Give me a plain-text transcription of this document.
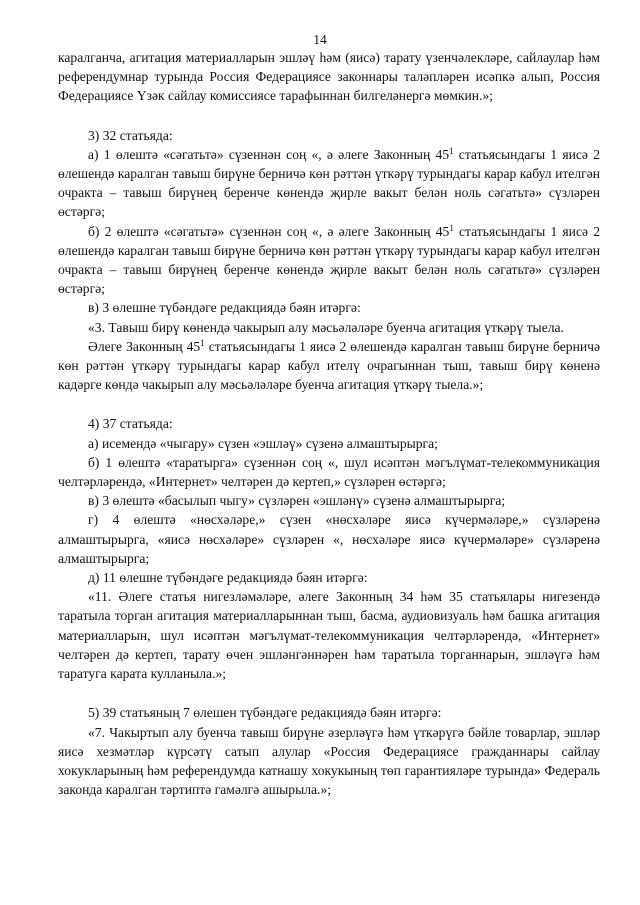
14

каралганча, агитация материалларын эшләү һәм (яисә) тарату үзенчәлекләре, сайлаулар һәм референдумнар турында Россия Федерациясе законнары таләпләрен исәпкә алып, Россия Федерациясе Үзәк сайлау комиссиясе тарафыннан билгеләнергә мөмкин.»;

3) 32 статьяда:

а) 1 өлештә «сәгатьтә» сүзеннән соң «, ә әлеге Законның $45^1$ статьясындагы 1 яисә 2 өлешендә каралган тавыш бирүне берничә көн рәттән үткәрү турындагы карар кабул ителгән очракта – тавыш бирүнең беренче көнендә җирле вакыт белән ноль сәгатьтә» сүзләрен өстәргә;

б) 2 өлештә «сәгатьтә» сүзеннән соң «, ә әлеге Законның $45^1$ статьясындагы 1 яисә 2 өлешендә каралган тавыш бирүне берничә көн рәттән үткәрү турындагы карар кабул ителгән очракта – тавыш бирүнең беренче көнендә җирле вакыт белән ноль сәгатьтә» сүзләрен өстәргә;

в) 3 өлешне түбәндәге редакциядә бәян итәргә:

«3. Тавыш бирү көнендә чакырып алу мәсьәләләре буенча агитация үткәрү тыела.

Әлеге Законның $45^1$ статьясындагы 1 яисә 2 өлешендә каралган тавыш бирүне берничә көн рәттән үткәрү турындагы карар кабул ителү очрагыннан тыш, тавыш бирү көненә кадәрге көндә чакырып алу мәсьәләләре буенча агитация үткәрү тыела.»;

4) 37 статьяда:

а) исемендә «чыгару» сүзен «эшләү» сүзенә алмаштырырга;

б) 1 өлештә «таратырга» сүзеннән соң «, шул исәптән мәгълүмат-телекоммуникация челтәрләрендә, «Интернет» челтәрен дә кертеп,» сүзләрен өстәргә;

в) 3 өлештә «басылып чыгу» сүзләрен «эшләнү» сүзенә алмаштырырга;

г) 4 өлештә «нөсхәләре,» сүзен «нөсхәләре яисә күчермәләре,» сүзләренә алмаштырырга, «яисә нөсхәләре» сүзләрен «, нөсхәләре яисә күчермәләре» сүзләренә алмаштырырга;

д) 11 өлешне түбәндәге редакциядә бәян итәргә:

«11. Әлеге статья нигезләмәләре, әлеге Законның 34 һәм 35 статьялары нигезендә таратыла торган агитация материалларыннан тыш, басма, аудиовизуаль һәм башка агитация материалларын, шул исәптән мәгълүмат-телекоммуникация челтәрләрендә, «Интернет» челтәрен дә кертеп, тарату өчен эшләнгәннәрен һәм таратыла торганнарын, эшләүгә һәм таратуга карата кулланыла.»;

5) 39 статьяның 7 өлешен түбәндәге редакциядә бәян итәргә:

«7. Чакыртып алу буенча тавыш бирүне әзерләүгә һәм үткәрүгә бәйле товарлар, эшләр яисә хезмәтләр күрсәтү сатып алулар «Россия Федерациясе гражданнары сайлау хокукларының һәм референдумда катнашу хокукының төп гарантияләре турында» Федераль законда каралган тәртиптә гамәлгә ашырыла.»;
